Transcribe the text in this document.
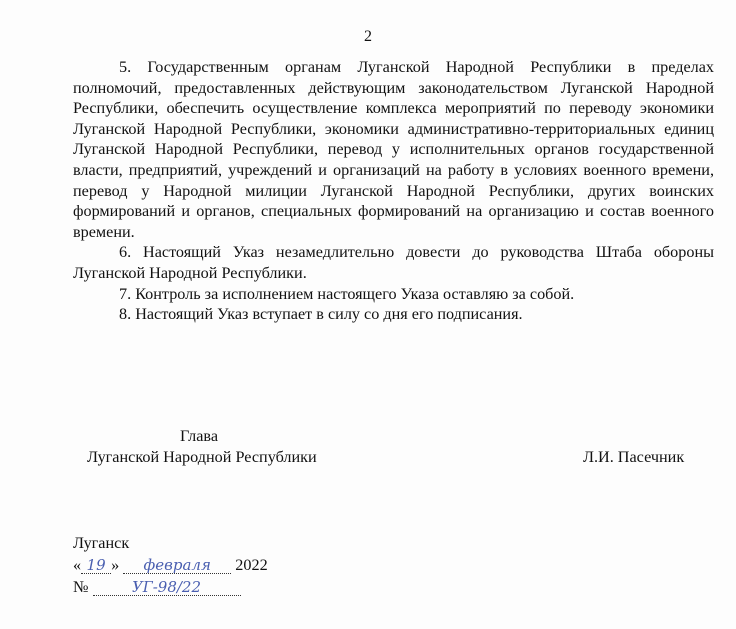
2

5. Государственным органам Луганской Народной Республики в пределах полномочий, предоставленных действующим законодательством Луганской Народной Республики, обеспечить осуществление комплекса мероприятий по переводу экономики Луганской Народной Республики, экономики административно-территориальных единиц Луганской Народной Республики, перевод у исполнительных органов государственной власти, предприятий, учреждений и организаций на работу в условиях военного времени, перевод у Народной милиции Луганской Народной Республики, других воинских формирований и органов, специальных формирований на организацию и состав военного времени.

6. Настоящий Указ незамедлительно довести до руководства Штаба обороны Луганской Народной Республики.

7. Контроль за исполнением настоящего Указа оставляю за собой.

8. Настоящий Указ вступает в силу со дня его подписания.

Глава
Луганской Народной Республики	Л.И. Пасечник
Луганск
« 19 » февраля 2022
№	УГ-98/22
